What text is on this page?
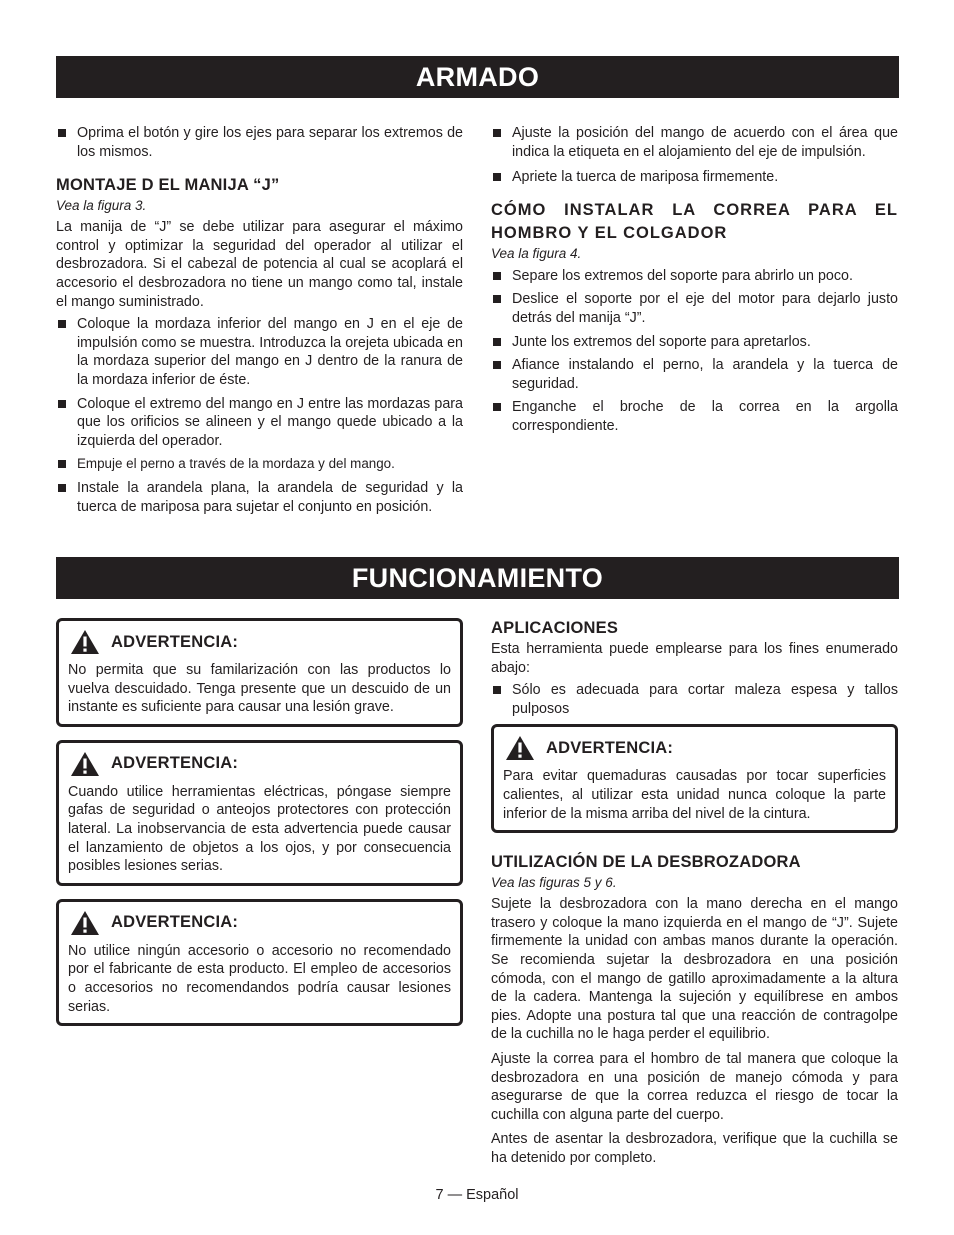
ARMADO
Oprima el botón y gire los ejes para separar los extremos de los mismos.
MONTAJE D EL MANIJA “J”

Vea la figura 3.

La manija de “J” se debe utilizar para asegurar el máximo control y optimizar la seguridad del operador al utilizar el desbrozadora. Si el cabezal de potencia al cual se acoplará el accesorio el desbrozadora no tiene un mango como tal, instale el mango suministrado.

Coloque la mordaza inferior del mango en J en el eje de impulsión como se muestra. Introduzca la orejeta ubicada en la mordaza superior del mango en J dentro de la ranura de la mordaza inferior de éste.
Coloque el extremo del mango en J entre las mordazas para que los orificios se alineen y el mango quede ubicado a la izquierda del operador.
Empuje el perno a través de la mordaza y del mango.
Instale la arandela plana, la arandela de seguridad y la tuerca de mariposa para sujetar el conjunto en posición.
Ajuste la posición del mango de acuerdo con el área que indica la etiqueta en el alojamiento del eje de impulsión.
Apriete la tuerca de mariposa firmemente.
CÓMO INSTALAR LA CORREA PARA EL HOMBRO Y EL COLGADOR

Vea la figura 4.

Separe los extremos del soporte para abrirlo un poco.
Deslice el soporte por el eje del motor para dejarlo justo detrás del manija “J”.
Junte los extremos del soporte para apretarlos.
Afiance instalando el perno, la arandela y la tuerca de seguridad.
Enganche el broche de la correa en la argolla correspondiente.
FUNCIONAMIENTO
ADVERTENCIA:

No permita que su familarización con las productos lo vuelva descuidado. Tenga presente que un descuido de un instante es suficiente para causar una lesión grave.

ADVERTENCIA:

Cuando utilice herramientas eléctricas, póngase siempre gafas de seguridad o anteojos protectores con protección lateral. La inobservancia de esta advertencia puede causar el lanzamiento de objetos a los ojos, y por consecuencia posibles lesiones serias.

ADVERTENCIA:

No utilice ningún accesorio o accesorio no recomendado por el fabricante de esta producto. El empleo de accesorios o accesorios no recomendandos podría causar lesiones serias.

APLICACIONES

Esta herramienta puede emplearse para los fines enumerado abajo:

Sólo es adecuada para cortar maleza espesa y tallos pulposos
ADVERTENCIA:

Para evitar quemaduras causadas por tocar superficies calientes, al utilizar esta unidad nunca coloque la parte inferior de la misma arriba del nivel de la cintura.

UTILIZACIÓN DE LA DESBROZADORA

Vea las figuras 5 y 6.

Sujete la desbrozadora con la mano derecha en el mango trasero y coloque la mano izquierda en el mango de “J”. Sujete firmemente la unidad con ambas manos durante la operación. Se recomienda sujetar la desbrozadora en una posición cómoda, con el mango de gatillo aproximadamente a la altura de la cadera. Mantenga la sujeción y equilíbrese en ambos pies. Adopte una postura tal que una reacción de contragolpe de la cuchilla no le haga perder el equilibrio.

Ajuste la correa para el hombro de tal manera que coloque la desbrozadora en una posición de manejo cómoda y para asegurarse de que la correa reduzca el riesgo de tocar la cuchilla con alguna parte del cuerpo.

Antes de asentar la desbrozadora, verifique que la cuchilla se ha detenido por completo.

7 — Español
